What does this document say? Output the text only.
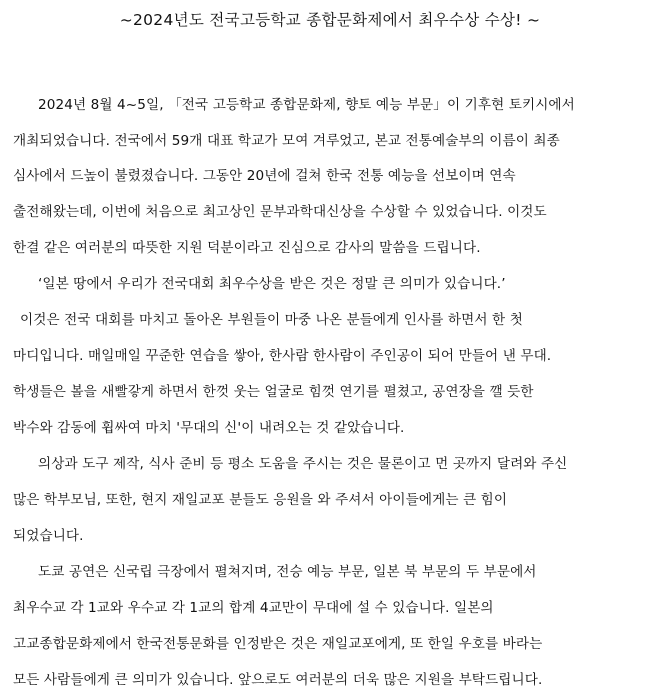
~2024년도 전국고등학교 종합문화제에서 최우수상 수상! ~
2024년 8월 4~5일, 「전국 고등학교 종합문화제, 향토 예능 부문」이 기후현 토키시에서
개최되었습니다. 전국에서 59개 대표 학교가 모여 겨루었고, 본교 전통예술부의 이름이 최종
심사에서 드높이 불렸졌습니다. 그동안 20년에 걸쳐 한국 전통 예능을 선보이며 연속
출전해왔는데, 이번에 처음으로 최고상인 문부과학대신상을 수상할 수 있었습니다. 이것도
한결 같은 여러분의 따뜻한 지원 덕분이라고 진심으로 감사의 말씀을 드립니다.
‘일본 땅에서 우리가 전국대회 최우수상을 받은 것은 정말 큰 의미가 있습니다.’
이것은 전국 대회를 마치고 돌아온 부원들이 마중 나온 분들에게 인사를 하면서 한 첫
마디입니다. 매일매일 꾸준한 연습을 쌓아, 한사람 한사람이 주인공이 되어 만들어 낸 무대.
학생들은 볼을 새빨갛게 하면서 한껏 웃는 얼굴로 힘껏 연기를 펼쳤고, 공연장을 깰 듯한
박수와 감동에 휩싸여 마치 '무대의 신'이 내려오는 것 같았습니다.
의상과 도구 제작, 식사 준비 등 평소 도움을 주시는 것은 물론이고 먼 곳까지 달려와 주신
많은 학부모님, 또한, 현지 재일교포 분들도 응원을 와 주셔서 아이들에게는 큰 힘이
되었습니다.
도쿄 공연은 신국립 극장에서 펼쳐지며, 전승 예능 부문, 일본 북 부문의 두 부문에서
최우수교 각 1교와 우수교 각 1교의 합계 4교만이 무대에 설 수 있습니다. 일본의
고교종합문화제에서 한국전통문화를 인정받은 것은 재일교포에게, 또 한일 우호를 바라는
모든 사람들에게 큰 의미가 있습니다. 앞으로도 여러분의 더욱 많은 지원을 부탁드립니다.
